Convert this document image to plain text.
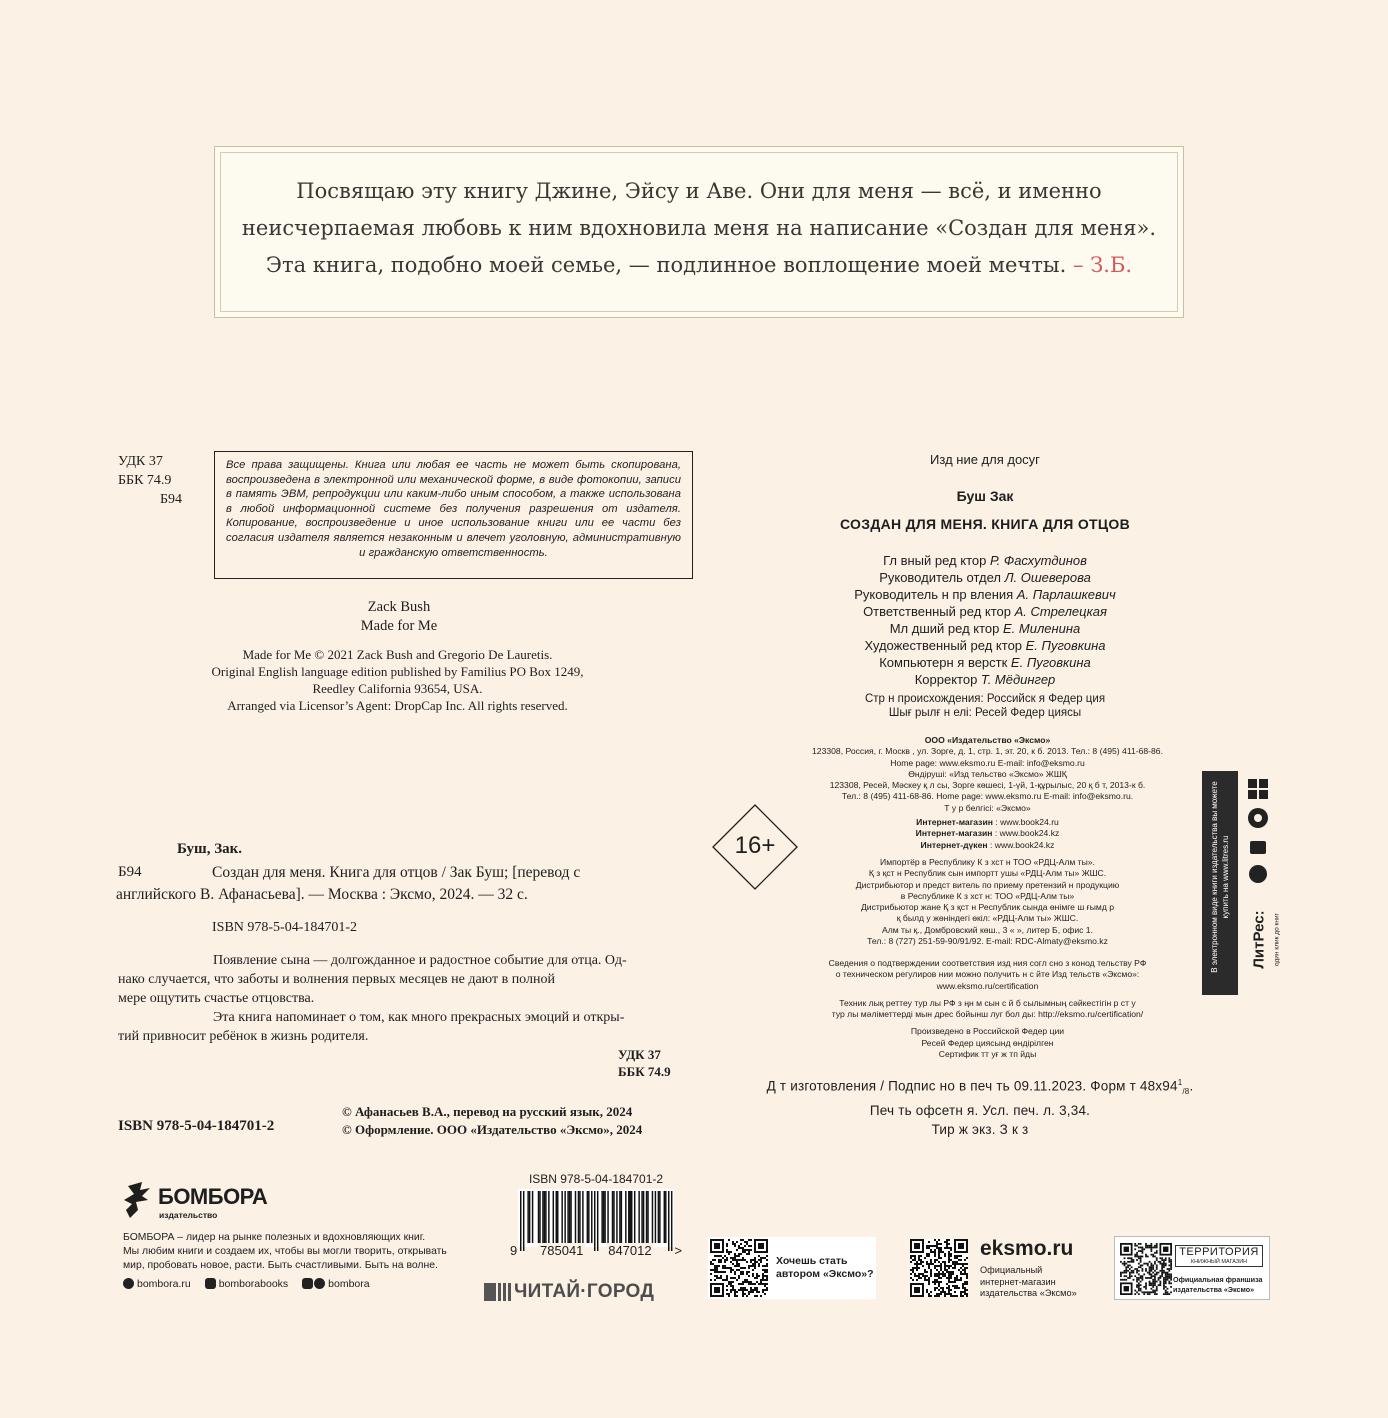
Посвящаю эту книгу Джине, Эйсу и Аве. Они для меня — всё, и именно
неисчерпаемая любовь к ним вдохновила меня на написание «Создан для меня».
Эта книга, подобно моей семье, — подлинное воплощение моей мечты. – З.Б.
УДК 37
ББК 74.9
Б94
Все права защищены. Книга или любая ее часть не может быть скопирована, воспроизведена в электронной или механической форме, в виде фотокопии, записи в память ЭВМ, репродукции или каким-либо иным способом, а также использована в любой информационной системе без получения разрешения от издателя. Копирование, воспроизведение и иное использование книги или ее части без согласия издателя является незаконным и влечет уголовную, административную и гражданскую ответственность.
Zack Bush
Made for Me
Made for Me © 2021 Zack Bush and Gregorio De Lauretis.
Original English language edition published by Familius PO Box 1249,
Reedley California 93654, USA.
Arranged via Licensor’s Agent: DropCap Inc. All rights reserved.
Буш, Зак.
Б94	Создан для меня. Книга для отцов / Зак Буш; [перевод с
английского В. Афанасьева]. — Москва : Эксмо, 2024. — 32 с.
ISBN 978-5-04-184701-2
Появление сына — долгожданное и радостное событие для отца. Од-
нако случается, что заботы и волнения первых месяцев не дают в полной
мере ощутить счастье отцовства.
Эта книга напоминает о том, как много прекрасных эмоций и откры-
тий привносит ребёнок в жизнь родителя.
УДК 37
ББК 74.9
ISBN 978-5-04-184701-2
© Афанасьев В.А., перевод на русский язык, 2024
© Оформление. ООО «Издательство «Эксмо», 2024
Изд ние для досуг
Буш Зак
СОЗДАН ДЛЯ МЕНЯ. КНИГА ДЛЯ ОТЦОВ
Гл вный ред ктор Р. Фасхутдинов
Руководитель отдел Л. Ошеверова
Руководитель н пр вления А. Парлашкевич
Ответственный ред ктор А. Стрелецкая
Мл дший ред ктор Е. Миленина
Художественный ред ктор Е. Пуговкина
Компьютерн я верстк Е. Пуговкина
Корректор Т. Мёдингер
Стр н происхождения: Российск я Федер ция
Шығ рылғ н елі: Ресей Федер циясы
ООО «Издательство «Эксмо»
123308, Россия, г. Москв , ул. Зорге, д. 1, стр. 1, эт. 20, к б. 2013. Тел.: 8 (495) 411-68-86.
Home page: www.eksmo.ru E-mail: info@eksmo.ru
Өндіруші: «Изд тельство «Эксмо» ЖШҚ
123308, Ресей, Мәскеу қ л сы, Зорге көшесі, 1-үй, 1-құрылыс, 20 қ б т, 2013-к б.
Тел.: 8 (495) 411-68-86. Home page: www.eksmo.ru E-mail: info@eksmo.ru.
Т у р белгісі: «Эксмо»
Интернет-магазин : www.book24.ru
Интернет-магазин : www.book24.kz
Интернет-дүкен : www.book24.kz
Импортёр в Республику К з хст н ТОО «РДЦ-Алм ты».
Қ з қст н Республик сын импортт ушы «РДЦ-Алм ты» ЖШС.
Дистрибьютор и предст витель по приему претензий н продукцию
в Республике К з хст н: ТОО «РДЦ-Алм ты»
Дистрибьютор жане Қ з қст н Республик сында өнімге ш ғымд р
қ былд у жөніндегі өкіл: «РДЦ-Алм ты» ЖШС.
Алм ты қ., Домбровский көш., 3 « », литер Б, офис 1.
Тел.: 8 (727) 251-59-90/91/92. E-mail: RDC-Almaty@eksmo.kz
Сведения о подтверждении соответствия изд ния согл сно з конод тельству РФ
о техническом регулиров нии можно получить н с йте Изд тельств «Эксмо»:
www.eksmo.ru/certification
Техник лық реттеу тур лы РФ з ңн м сын с й б сылымның сәйкестігін р ст у
тур лы мәліметтерді мын дрес бойынш луг бол ды: http://eksmo.ru/certification/
Произведено в Российской Федер ции
Ресей Федер циясынд өндірілген
Сертифик тт уғ ж тп йды
Д т изготовления / Подпис но в печ ть 09.11.2023. Форм т $48x94^1_{/8}$.
Печ ть офсетн я. Усл. печ. л. 3,34.
Тир ж экз. З к з
16+	В электронном виде книги издательства вы можете купить на www.litres.ru
ЛитРес: один клик до книг
БОМБОРА
издательство
БОМБОРА – лидер на рынке полезных и вдохновляющих книг.
Мы любим книги и создаем их, чтобы вы могли творить, открывать
мир, пробовать новое, расти. Быть счастливыми. Быть на волне.
bombora.ru	bomborabooks	bombora
ISBN 978-5-04-184701-2
9 785041 847012 >
ЧИТАЙ·ГОРОД
Хочешь стать
автором «Эксмо»?
eksmo.ru
Официальный
интернет-магазин
издательства «Эксмо»
ТЕРРИТОРИЯ
КНИЖНЫЙ МАГАЗИН
Официальная франшиза
издательства «Эксмо»
